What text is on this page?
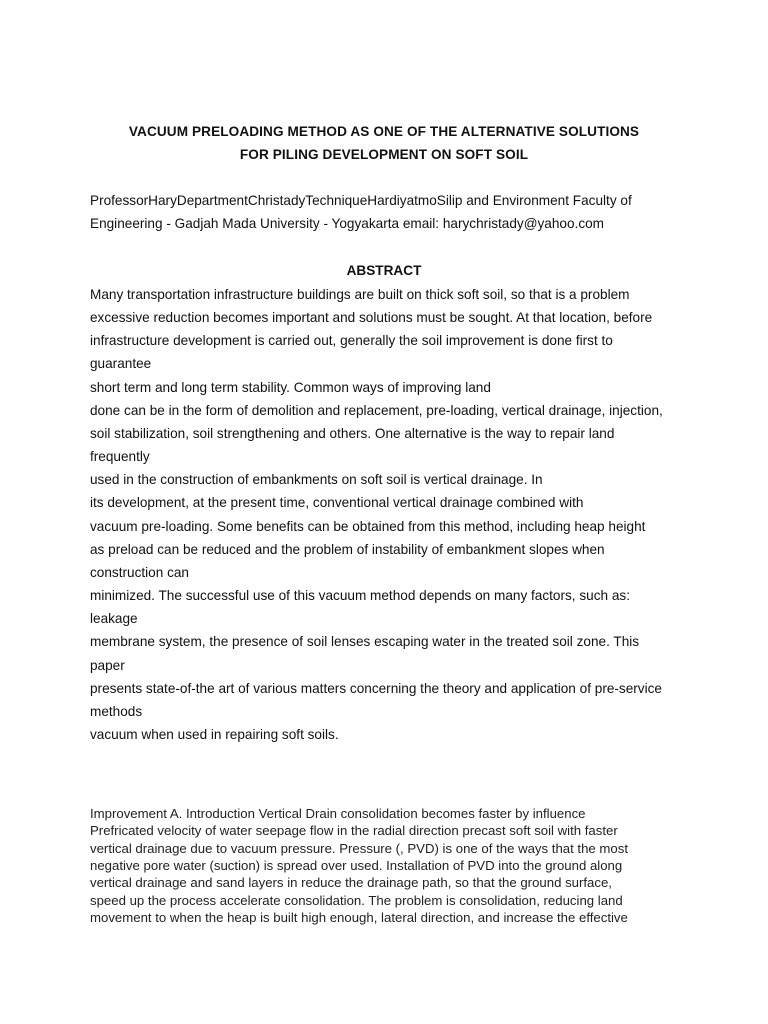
VACUUM PRELOADING METHOD AS ONE OF THE ALTERNATIVE SOLUTIONS
FOR PILING DEVELOPMENT ON SOFT SOIL
ProfessorHaryDepartmentChristadyTechniqueHardiyatmoSilip and Environment Faculty of
Engineering - Gadjah Mada University - Yogyakarta email: harychristady@yahoo.com
ABSTRACT
Many transportation infrastructure buildings are built on thick soft soil, so that is a problem
excessive reduction becomes important and solutions must be sought. At that location, before
infrastructure development is carried out, generally the soil improvement is done first to
guarantee
short term and long term stability. Common ways of improving land
done can be in the form of demolition and replacement, pre-loading, vertical drainage, injection,
soil stabilization, soil strengthening and others. One alternative is the way to repair land
frequently
used in the construction of embankments on soft soil is vertical drainage. In
its development, at the present time, conventional vertical drainage combined with
vacuum pre-loading. Some benefits can be obtained from this method, including heap height
as preload can be reduced and the problem of instability of embankment slopes when
construction can
minimized. The successful use of this vacuum method depends on many factors, such as:
leakage
membrane system, the presence of soil lenses escaping water in the treated soil zone. This
paper
presents state-of-the art of various matters concerning the theory and application of pre-service
methods
vacuum when used in repairing soft soils.
Improvement A. Introduction Vertical Drain consolidation becomes faster by influence
Prefricated velocity of water seepage flow in the radial direction precast soft soil with faster
vertical drainage due to vacuum pressure. Pressure (, PVD) is one of the ways that the most
negative pore water (suction) is spread over used. Installation of PVD into the ground along
vertical drainage and sand layers in reduce the drainage path, so that the ground surface,
speed up the process accelerate consolidation. The problem is consolidation, reducing land
movement to when the heap is built high enough, lateral direction, and increase the effective
